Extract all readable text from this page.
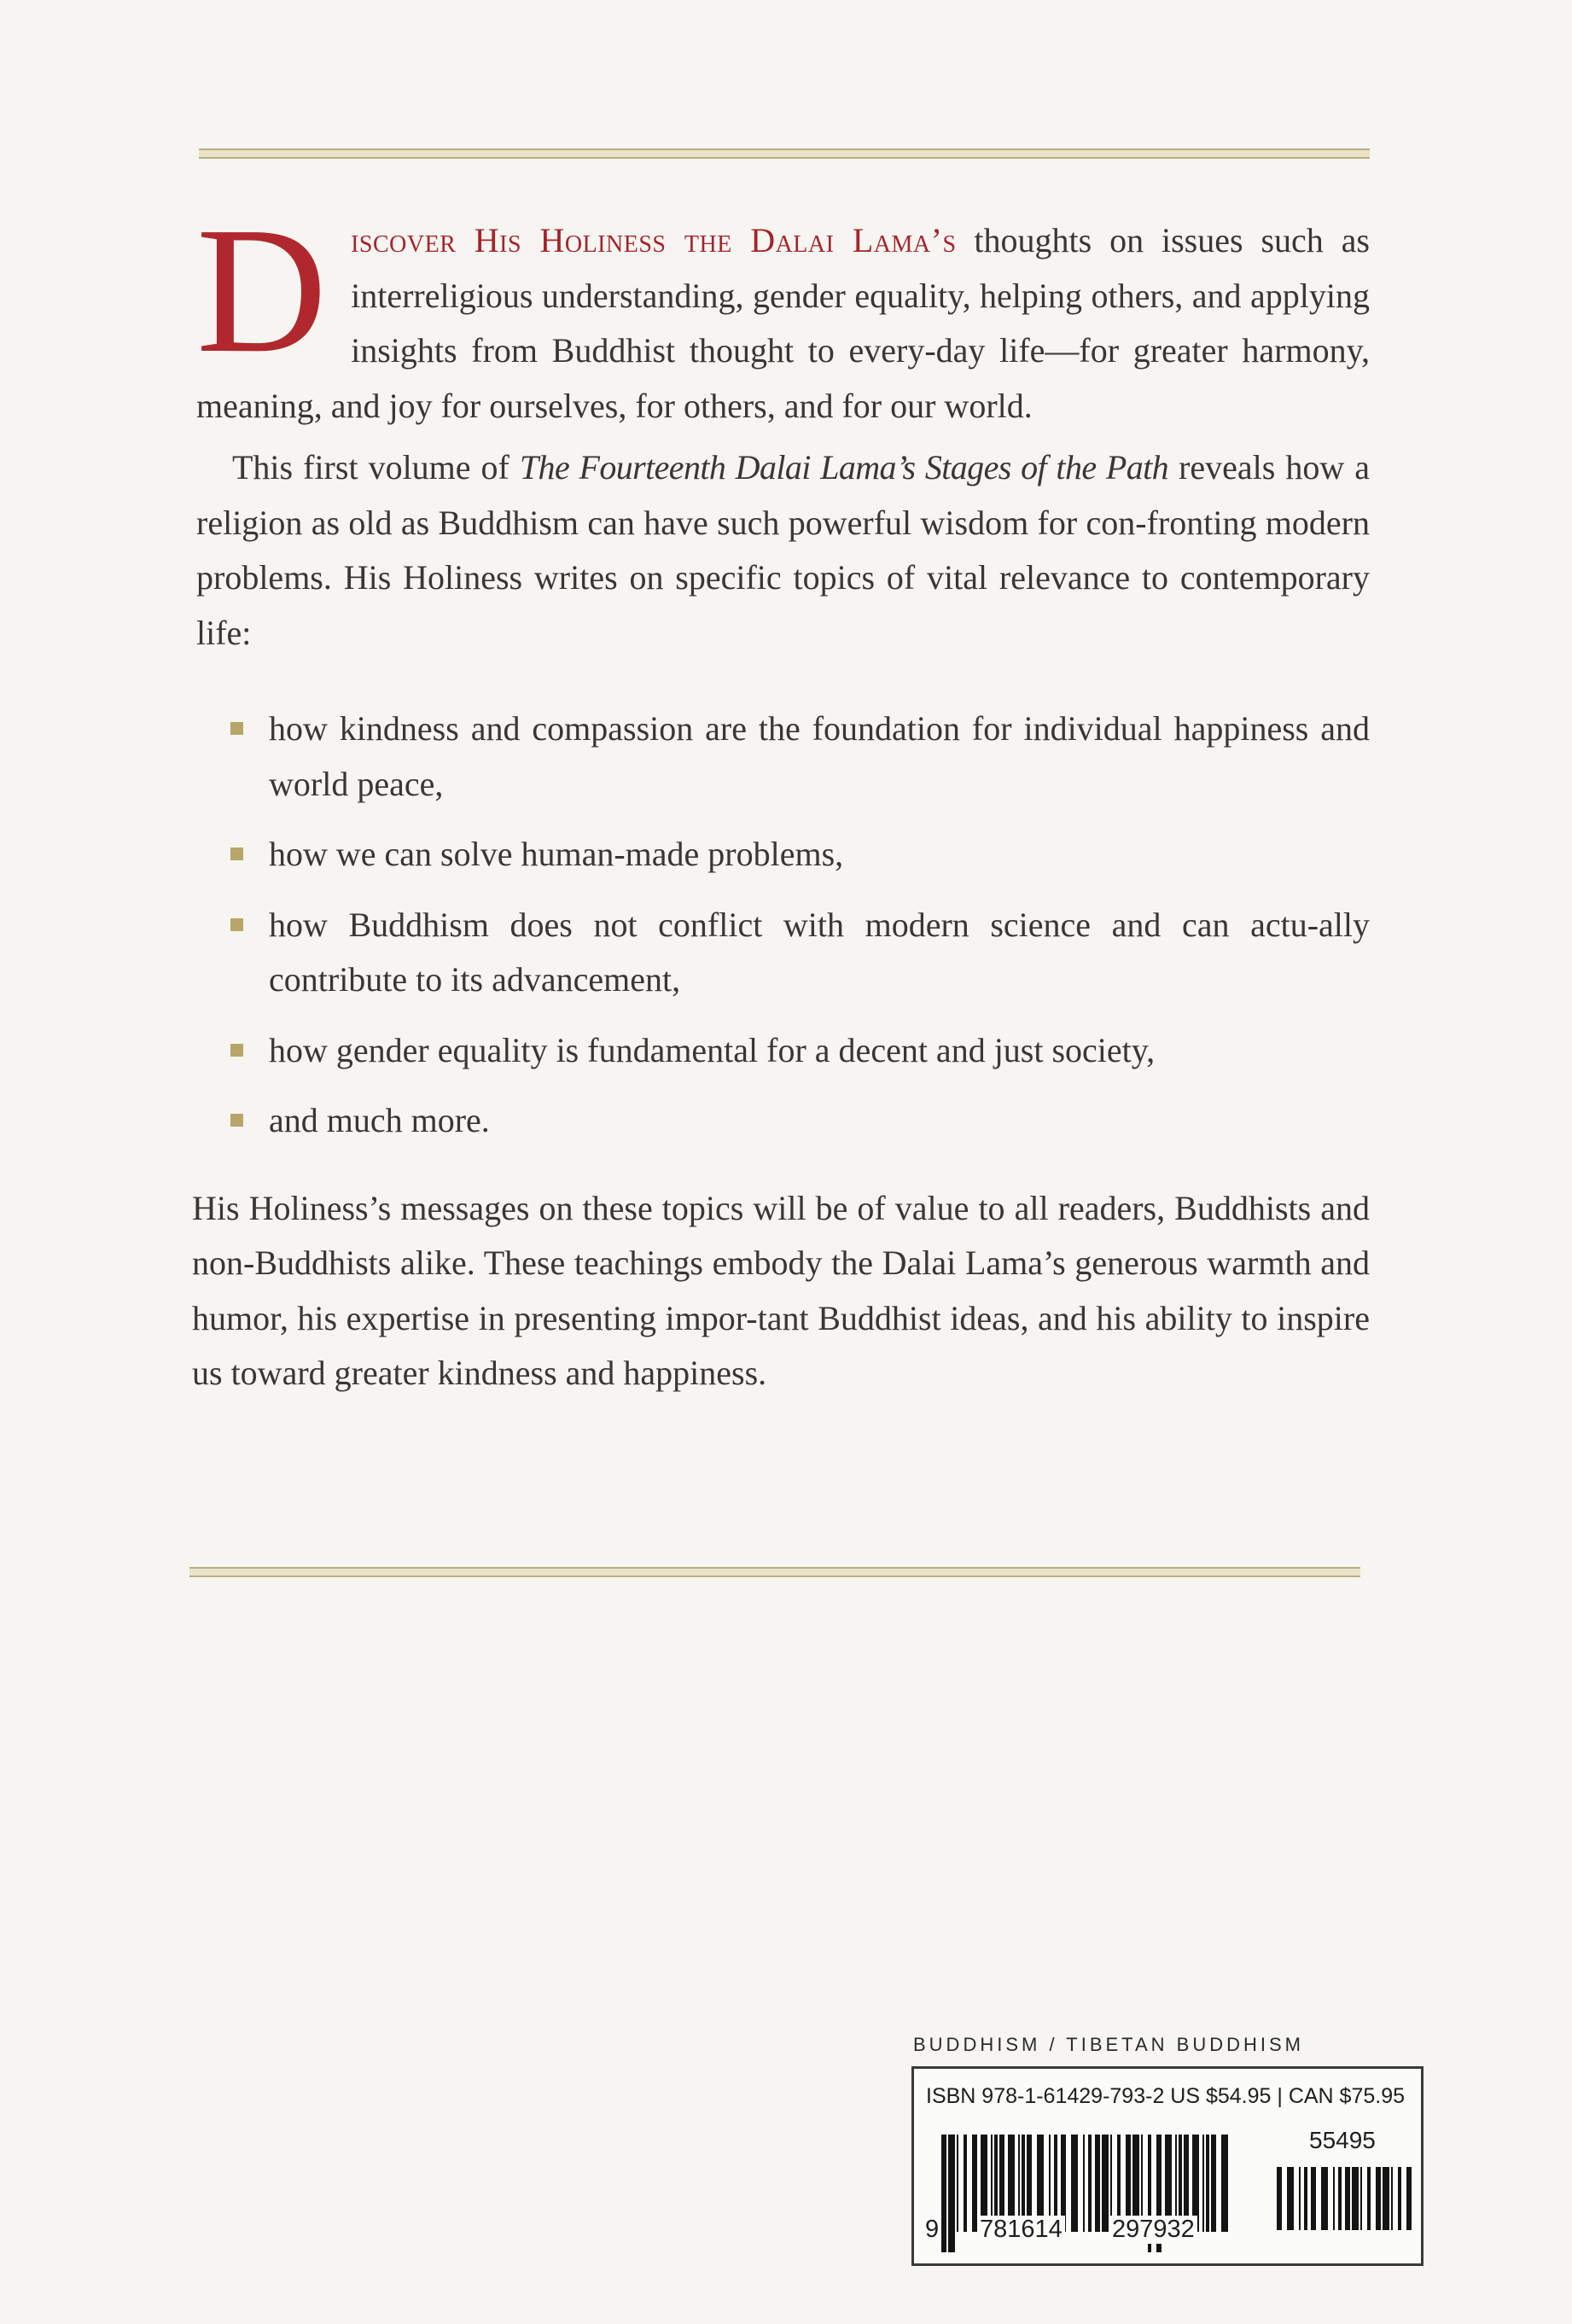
Discover His Holiness the Dalai Lama’s thoughts on issues such as interreligious understanding, gender equality, helping others, and applying insights from Buddhist thought to every-day life—for greater harmony, meaning, and joy for ourselves, for others, and for our world.

This first volume of The Fourteenth Dalai Lama’s Stages of the Path reveals how a religion as old as Buddhism can have such powerful wisdom for con-fronting modern problems. His Holiness writes on specific topics of vital relevance to contemporary life:

how kindness and compassion are the foundation for individual happiness and world peace,
how we can solve human-made problems,
how Buddhism does not conflict with modern science and can actu-ally contribute to its advancement,
how gender equality is fundamental for a decent and just society,
and much more.

His Holiness’s messages on these topics will be of value to all readers, Buddhists and non-Buddhists alike. These teachings embody the Dalai Lama’s generous warmth and humor, his expertise in presenting impor-tant Buddhist ideas, and his ability to inspire us toward greater kindness and happiness.

BUDDHISM / TIBETAN BUDDHISM
ISBN 978-1-61429-793-2 US $54.95 | CAN $75.95
55495
9 781614 297932
